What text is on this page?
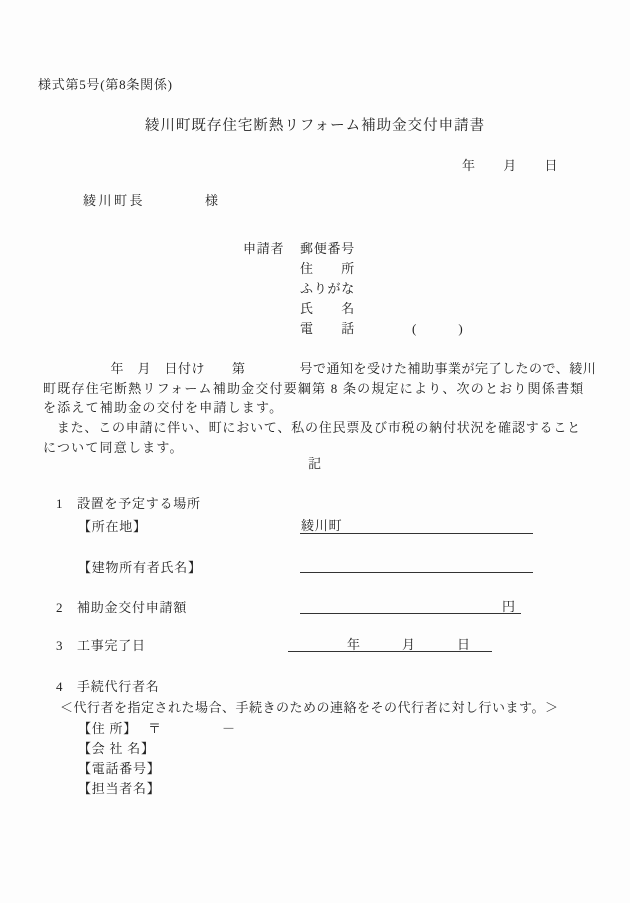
様式第5号(第8条関係)
綾川町既存住宅断熱リフォーム補助金交付申請書
年　　月　　日
綾川町長	様
申請者 郵便番号
住　　所
ふりがな
氏　　名
電　　話	(　　　)
　　　　　年　月　日付け　　第　　　　号で通知を受けた補助事業が完了したので、綾川
町既存住宅断熱リフォーム補助金交付要綱第 8 条の規定により、次のとおり関係書類
を添えて補助金の交付を申請します。
　また、この申請に伴い、町において、私の住民票及び市税の納付状況を確認すること
について同意します。
記
1　設置を予定する場所
【所在地】	綾川町
【建物所有者氏名】
2　補助金交付申請額	円
3　工事完了日	年　　　月　　　日
4　手続代行者名
＜代行者を指定された場合、手続きのための連絡をその代行者に対し行います。＞
【住 所】 〒	－
【会 社 名】
【電話番号】
【担当者名】
